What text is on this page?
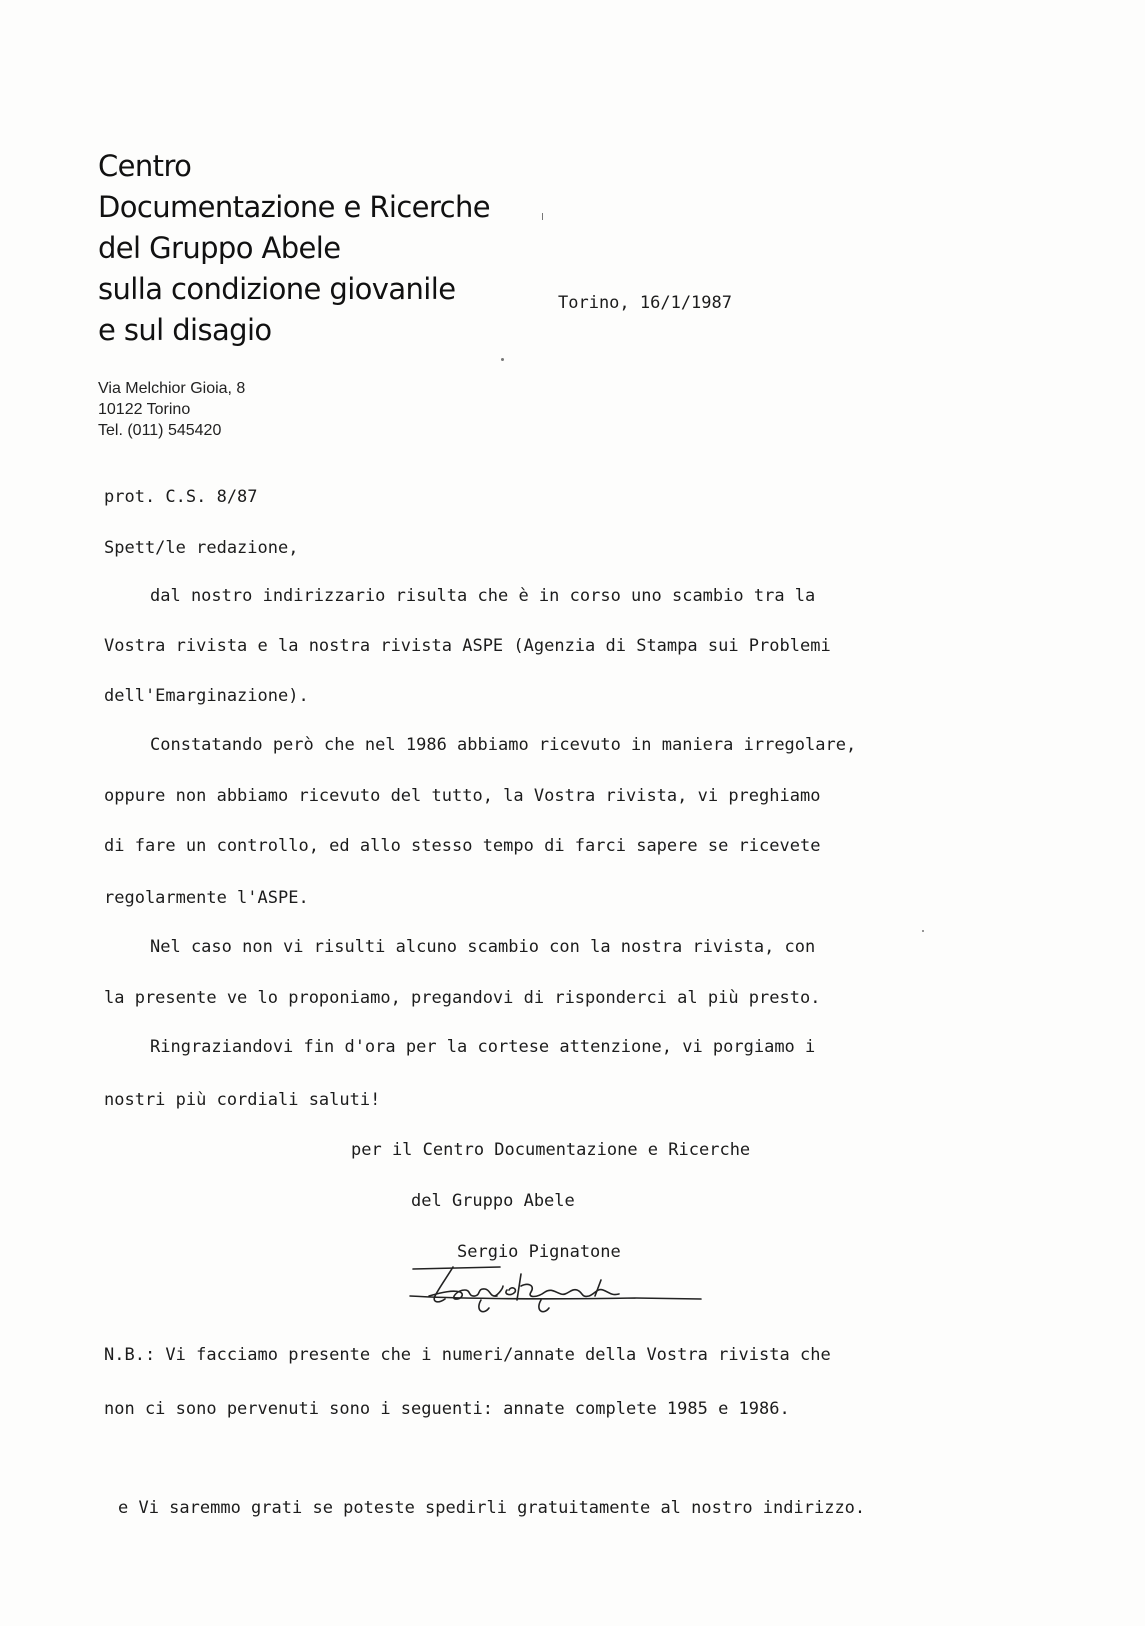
Centro
Documentazione e Ricerche
del Gruppo Abele
sulla condizione giovanile
e sul disagio
Via Melchior Gioia, 8
10122 Torino
Tel. (011) 545420
Torino, 16/1/1987
prot. C.S. 8/87
Spett/le redazione,
dal nostro indirizzario risulta che è in corso uno scambio tra la
Vostra rivista e la nostra rivista ASPE (Agenzia di Stampa sui Problemi
dell'Emarginazione).
Constatando però che nel 1986 abbiamo ricevuto in maniera irregolare,
oppure non abbiamo ricevuto del tutto, la Vostra rivista, vi preghiamo
di fare un controllo, ed allo stesso tempo di farci sapere se ricevete
regolarmente l'ASPE.
Nel caso non vi risulti alcuno scambio con la nostra rivista, con
la presente ve lo proponiamo, pregandovi di risponderci al più presto.
Ringraziandovi fin d'ora per la cortese attenzione, vi porgiamo i
nostri più cordiali saluti!
per il Centro Documentazione e Ricerche
del Gruppo Abele
Sergio Pignatone
N.B.: Vi facciamo presente che i numeri/annate della Vostra rivista che
non ci sono pervenuti sono i seguenti: annate complete 1985 e 1986.
e Vi saremmo grati se poteste spedirli gratuitamente al nostro indirizzo.
